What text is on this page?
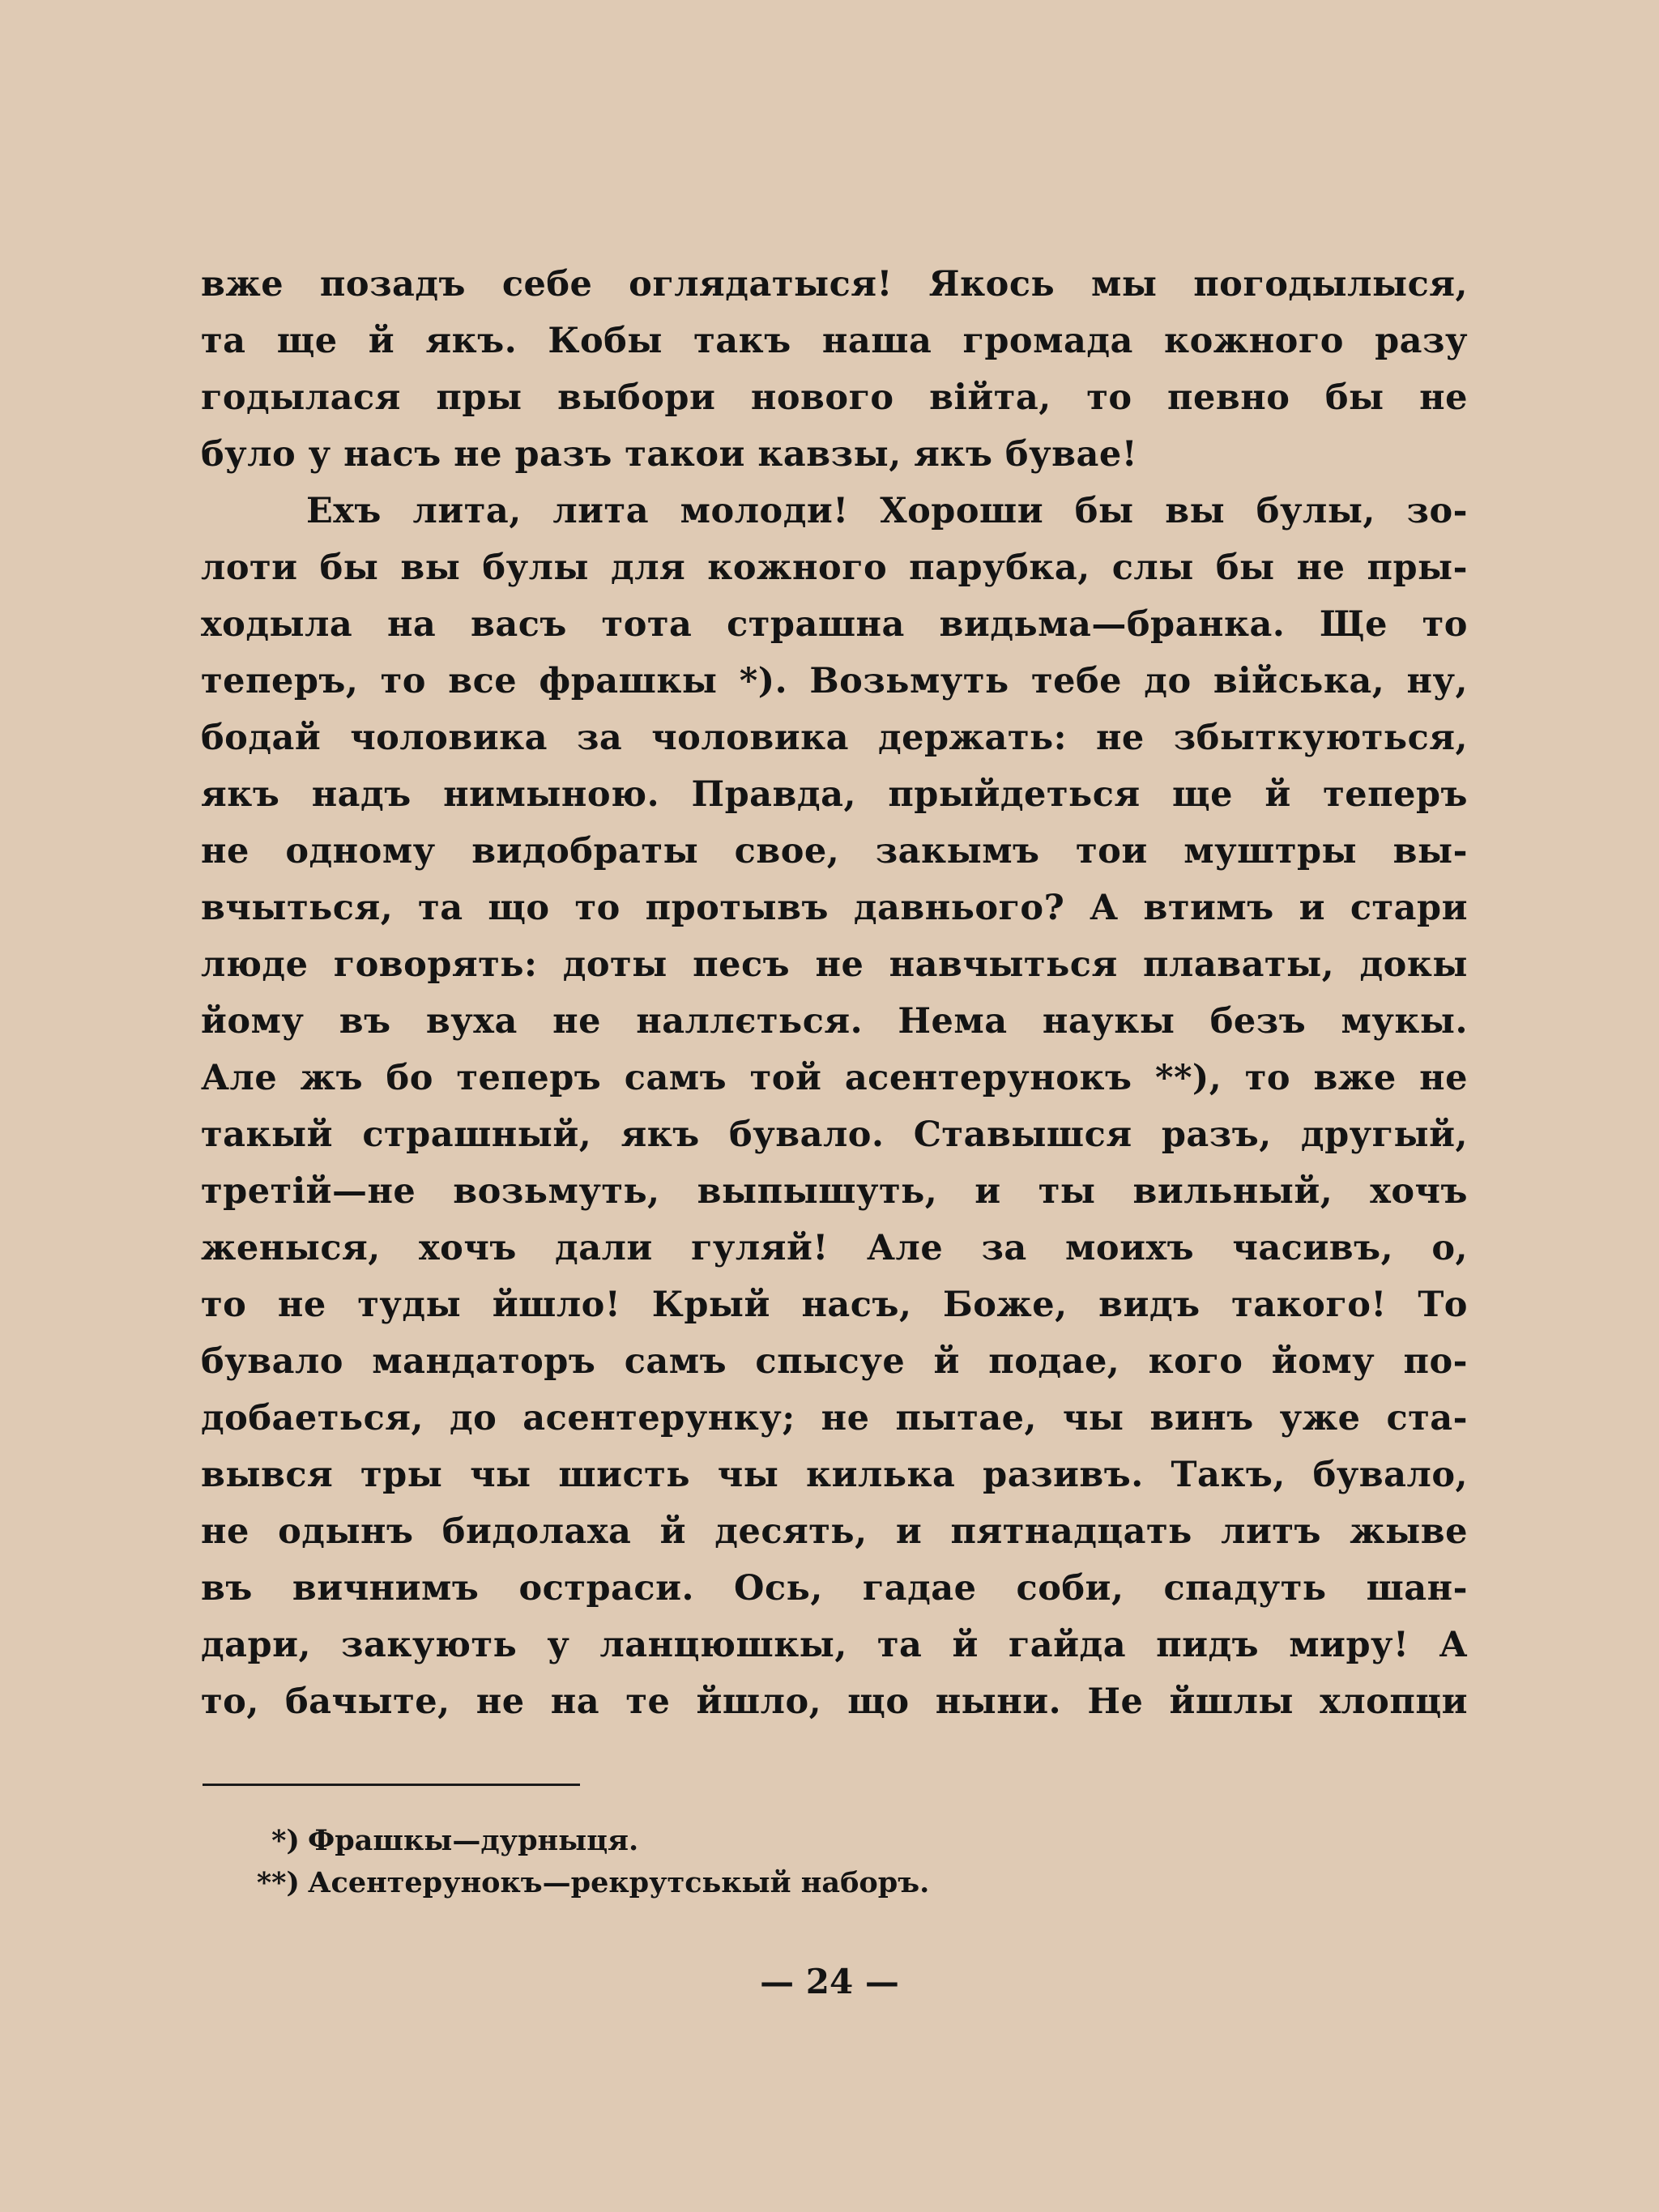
вже позадъ себе оглядатыся! Якось мы погодылыся,
та ще й якъ. Кобы такъ наша громада кожного разу
годылася пры выбори нового війта, то певно бы не
було у насъ не разъ такои кавзы, якъ бувае!
Ехъ лита, лита молоди! Хороши бы вы булы, зо-
лоти бы вы булы для кожного парубка, слы бы не пры-
ходыла на васъ тота страшна видьма—бранка. Ще то
теперъ, то все фрашкы *). Возьмуть тебе до війська, ну,
бодай чоловика за чоловика держать: не збыткуються,
якъ надъ нимыною. Правда, прыйдеться ще й теперъ
не одному видобраты свое, закымъ тои муштры вы-
вчыться, та що то протывъ давнього? А втимъ и стари
люде говорять: доты песъ не навчыться плаваты, докы
йому въ вуха не наллється. Нема наукы безъ мукы.
Але жъ бо теперъ самъ той асентерунокъ **), то вже не
такый страшный, якъ бувало. Ставышся разъ, другый,
третій—не возьмуть, выпышуть, и ты вильный, хочъ
женыся, хочъ дали гуляй! Але за моихъ часивъ, о,
то не туды йшло! Крый насъ, Боже, видъ такого! То
бувало мандаторъ самъ спысуе й подае, кого йому по-
добаеться, до асентерунку; не пытае, чы винъ уже ста-
вывся тры чы шисть чы килька разивъ. Такъ, бувало,
не одынъ бидолаха й десять, и пятнадцать литъ жыве
въ вичнимъ остраси. Ось, гадае соби, спадуть шан-
дари, закують у ланцюшкы, та й гайда пидъ миру! А
то, бачыте, не на те йшло, що ныни. Не йшлы хлопци
*) Фрашкы—дурныця.
**) Асентерунокъ—рекрутськый наборъ.
— 24 —
